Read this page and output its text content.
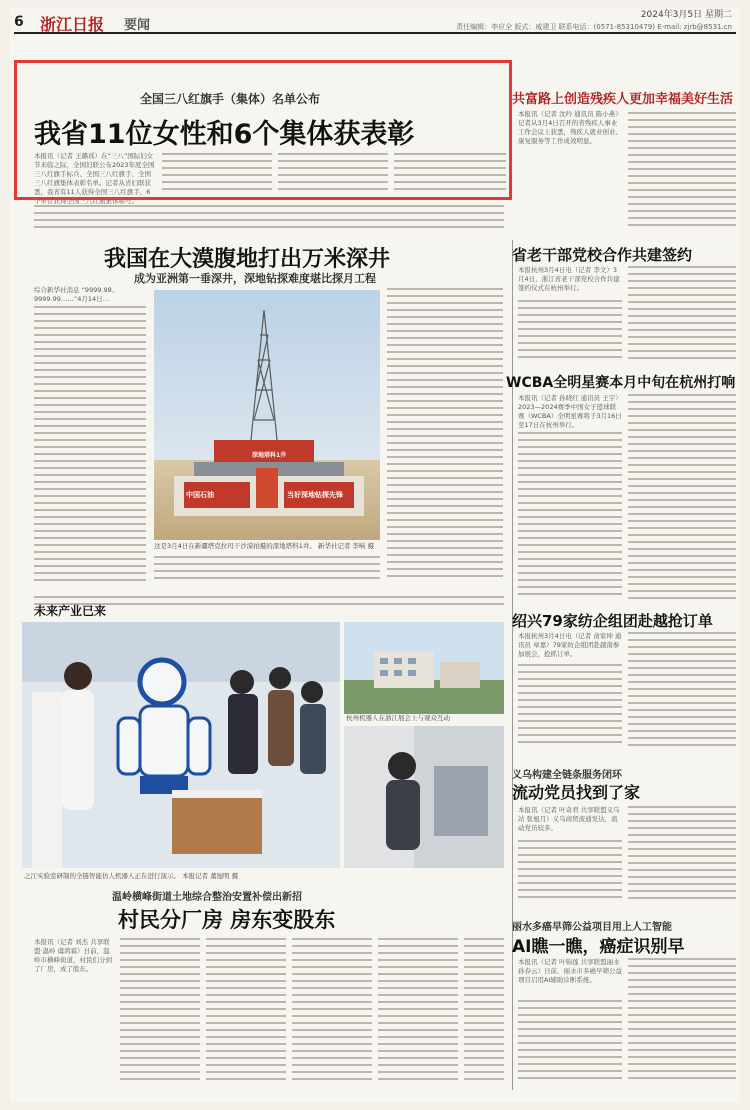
6 浙江日报 要闻
2024年3月5日 星期二
责任编辑：李应全 版式：戚建卫 联系电话：(0571-85310479) E-mail: zjrb@8531.cn
全国三八红旗手（集体）名单公布
我省11位女性和6个集体获表彰
本报讯（记者 王璐瑶）在“三八”国际妇女节来临之际，全国妇联公布2023年度全国三八红旗手标兵、全国三八红旗手、全国三八红旗集体表彰名单。记者从省妇联获悉，我省有11人获得全国三八红旗手，6个单位获得全国三八红旗集体称号。
共富路上创造残疾人更加幸福美好生活
本报讯（记者 沈吟 通讯员 陈小燕）记者从3月4日召开的省残疾人事业工作会议上获悉，残疾人就业创业、康复服务等工作成效明显。
我国在大漠腹地打出万米深井
成为亚洲第一垂深井，深地钻探难度堪比探月工程
综合新华社消息 “9999.98、9999.99……”4月14日…
中国石油	当好深地钻探先锋
深地塔科1井
这是3月4日在新疆塔克拉玛干沙漠拍摄的深地塔科1井。 新华社记者 李响 摄
未来产业已来
杭州机器人在浙江展会上与观众互动
之江实验室研制的全链智能仿人机器人正在进行演示。 本报记者 董旭明 摄
温岭横峰街道土地综合整治安置补偿出新招
村民分厂房 房东变股东
本报讯（记者 刘杰 共享联盟·温岭 虞鸿霖）日前，温岭市横峰街道，村民们分到了厂房，成了股东。
省老干部党校合作共建签约
本报杭州3月4日电（记者 李文）3月4日，浙江省老干部党校合作共建签约仪式在杭州举行。
WCBA全明星赛本月中旬在杭州打响
本报讯（记者 孙晓红 通讯员 王宇）2023—2024赛季中国女子篮球联赛（WCBA）全明星赛将于3月16日至17日在杭州举行。
绍兴79家纺企组团赴越抢订单
本报杭州3月4日电（记者 俞家坤 通讯员 章嘉）79家纺企组团赴越南参加展会，抢抓订单。
义乌构建全链条服务闭环
流动党员找到了家
本报讯（记者 叶奇君 共享联盟义乌站 张旭月）义乌商贸流通发达，流动党员较多。
丽水多癌早筛公益项目用上人工智能
AI瞧一瞧，癌症识别早
本报讯（记者 叶锦莲 共享联盟丽水 孙春云）日前，丽水市多癌早筛公益项目启用AI辅助诊断系统。
